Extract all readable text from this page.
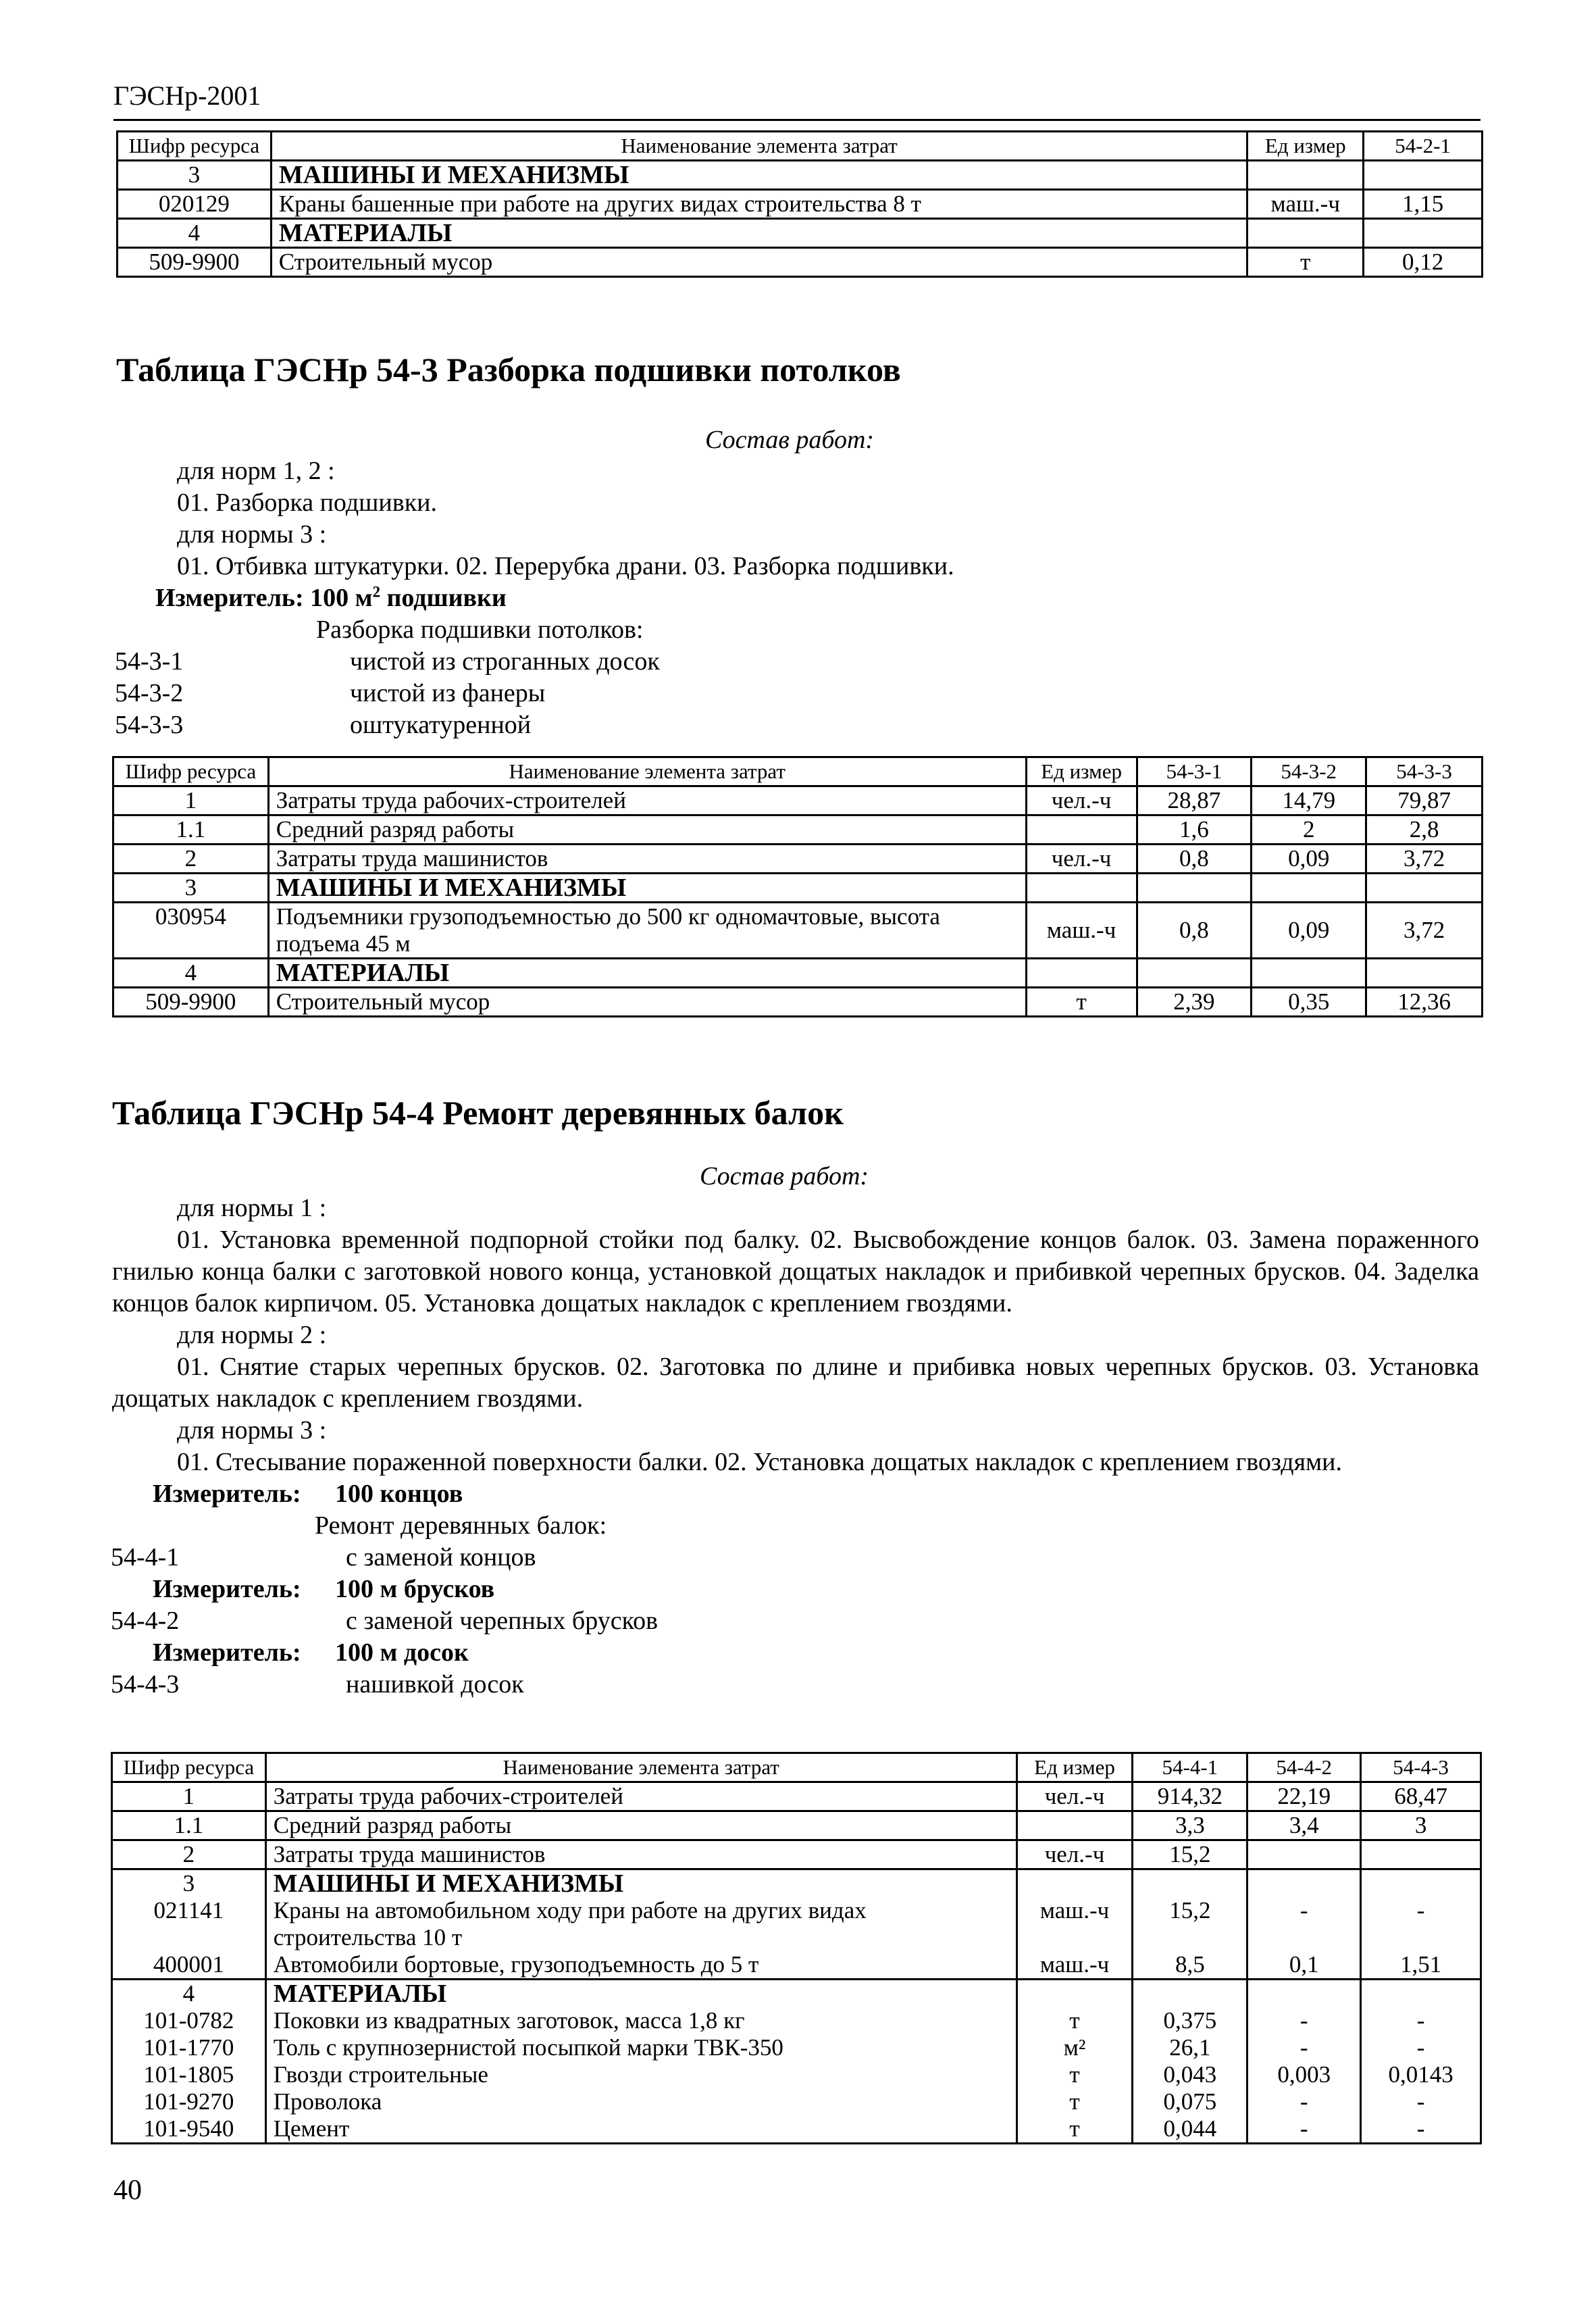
ГЭСНр-2001
Шифр ресурса	Наименование элемента затрат	Ед измер	54-2-1
3	МАШИНЫ И МЕХАНИЗМЫ		
020129	Краны башенные при работе на других видах строительства 8 т	маш.-ч	1,15
4	МАТЕРИАЛЫ		
509-9900	Строительный мусор	т	0,12
Таблица ГЭСНр 54-3 Разборка подшивки потолков
Состав работ:
для норм 1, 2 :
01. Разборка подшивки.
для нормы 3 :
01. Отбивка штукатурки. 02. Перерубка драни. 03. Разборка подшивки.
Измеритель: 100 $м^2$ подшивки
Разборка подшивки потолков:
54-3-1	чистой из строганных досок
54-3-2	чистой из фанеры
54-3-3	оштукатуренной
Шифр ресурса	Наименование элемента затрат	Ед измер	54-3-1	54-3-2	54-3-3
1	Затраты труда рабочих-строителей	чел.-ч	28,87	14,79	79,87
1.1	Средний разряд работы		1,6	2	2,8
2	Затраты труда машинистов	чел.-ч	0,8	0,09	3,72
3	МАШИНЫ И МЕХАНИЗМЫ				
030954	Подъемники грузоподъемностью до 500 кг одномачтовые, высота подъема 45 м	маш.-ч	0,8	0,09	3,72
4	МАТЕРИАЛЫ				
509-9900	Строительный мусор	т	2,39	0,35	12,36
Таблица ГЭСНр 54-4 Ремонт деревянных балок
Состав работ:
для нормы 1 :
01. Установка временной подпорной стойки под балку. 02. Высвобождение концов балок. 03. Замена пораженного гнилью конца балки с заготовкой нового конца, установкой дощатых накладок и прибивкой черепных брусков. 04. Заделка концов балок кирпичом. 05. Установка дощатых накладок с креплением гвоздями.
для нормы 2 :
01. Снятие старых черепных брусков. 02. Заготовка по длине и прибивка новых черепных брусков. 03. Установка дощатых накладок с креплением гвоздями.
для нормы 3 :
01. Стесывание пораженной поверхности балки. 02. Установка дощатых накладок с креплением гвоздями.
Измеритель: 100 концов
Ремонт деревянных балок:
54-4-1	с заменой концов
Измеритель: 100 м брусков
54-4-2	с заменой черепных брусков
Измеритель: 100 м досок
54-4-3	нашивкой досок
Шифр ресурса	Наименование элемента затрат	Ед измер	54-4-1	54-4-2	54-4-3
1	Затраты труда рабочих-строителей	чел.-ч	914,32	22,19	68,47
1.1	Средний разряд работы		3,3	3,4	3
2	Затраты труда машинистов	чел.-ч	15,2		
3	МАШИНЫ И МЕХАНИЗМЫ				
021141	Краны на автомобильном ходу при работе на других видах строительства 10 т	маш.-ч	15,2	-	-
400001	Автомобили бортовые, грузоподъемность до 5 т	маш.-ч	8,5	0,1	1,51
4	МАТЕРИАЛЫ				
101-0782	Поковки из квадратных заготовок, масса 1,8 кг	т	0,375	-	-
101-1770	Толь с крупнозернистой посыпкой марки ТВК-350	м²	26,1	-	-
101-1805	Гвозди строительные	т	0,043	0,003	0,0143
101-9270	Проволока	т	0,075	-	-
101-9540	Цемент	т	0,044	-	-
40
